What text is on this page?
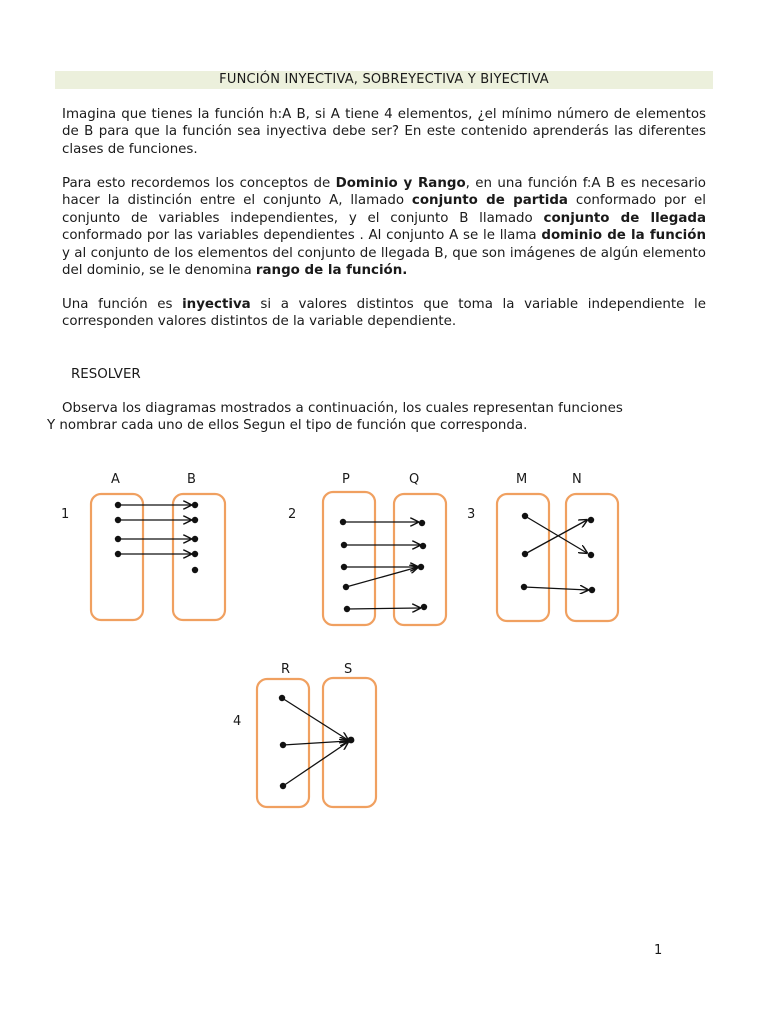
FUNCIÓN INYECTIVA, SOBREYECTIVA Y BIYECTIVA

Imagina que tienes la función h:A B, si A tiene 4 elementos, ¿el mínimo número de elementos de B para que la función sea inyectiva debe ser? En este contenido aprenderás las diferentes clases de funciones.

Para esto recordemos los conceptos de Dominio y Rango, en una función f:A B es necesario hacer la distinción entre el conjunto A, llamado conjunto de partida conformado por el conjunto de variables independientes, y el conjunto B llamado conjunto de llegada conformado por las variables dependientes . Al conjunto A se le llama dominio de la función y al conjunto de los elementos del conjunto de llegada B, que son imágenes de algún elemento del dominio, se le denomina rango de la función.

Una función es inyectiva si a valores distintos que toma la variable independiente le corresponden valores distintos de la variable dependiente.

RESOLVER
Observa los diagramas mostrados a continuación, los cuales representan funciones
Y nombrar cada uno de ellos Segun el tipo de función que corresponda.
1
A	B
2
P	Q
3
M	N
4
R	S
1
